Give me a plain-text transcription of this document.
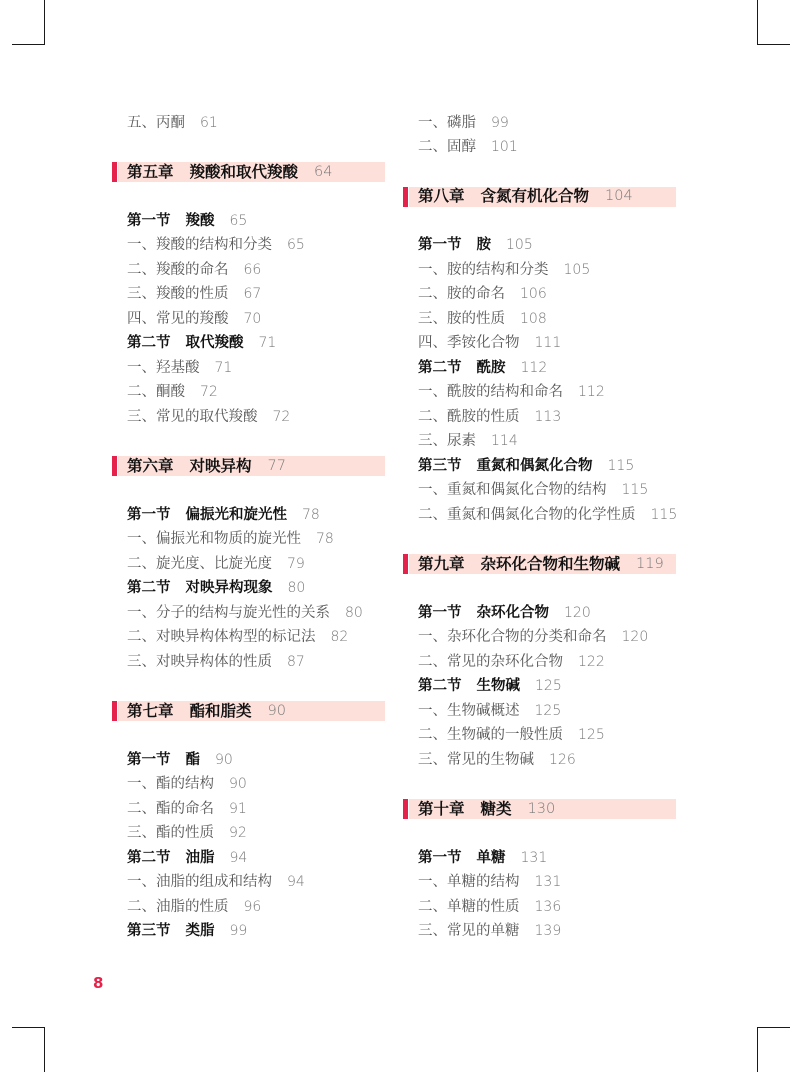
五、丙酮 61
第五章 羧酸和取代羧酸 64
第一节 羧酸 65
一、羧酸的结构和分类 65
二、羧酸的命名 66
三、羧酸的性质 67
四、常见的羧酸 70
第二节 取代羧酸 71
一、羟基酸 71
二、酮酸 72
三、常见的取代羧酸 72
第六章 对映异构 77
第一节 偏振光和旋光性 78
一、偏振光和物质的旋光性 78
二、旋光度、比旋光度 79
第二节 对映异构现象 80
一、分子的结构与旋光性的关系 80
二、对映异构体构型的标记法 82
三、对映异构体的性质 87
第七章 酯和脂类 90
第一节 酯 90
一、酯的结构 90
二、酯的命名 91
三、酯的性质 92
第二节 油脂 94
一、油脂的组成和结构 94
二、油脂的性质 96
第三节 类脂 99
一、磷脂 99
二、固醇 101
第八章 含氮有机化合物 104
第一节 胺 105
一、胺的结构和分类 105
二、胺的命名 106
三、胺的性质 108
四、季铵化合物 111
第二节 酰胺 112
一、酰胺的结构和命名 112
二、酰胺的性质 113
三、尿素 114
第三节 重氮和偶氮化合物 115
一、重氮和偶氮化合物的结构 115
二、重氮和偶氮化合物的化学性质 115
第九章 杂环化合物和生物碱 119
第一节 杂环化合物 120
一、杂环化合物的分类和命名 120
二、常见的杂环化合物 122
第二节 生物碱 125
一、生物碱概述 125
二、生物碱的一般性质 125
三、常见的生物碱 126
第十章 糖类 130
第一节 单糖 131
一、单糖的结构 131
二、单糖的性质 136
三、常见的单糖 139
8
